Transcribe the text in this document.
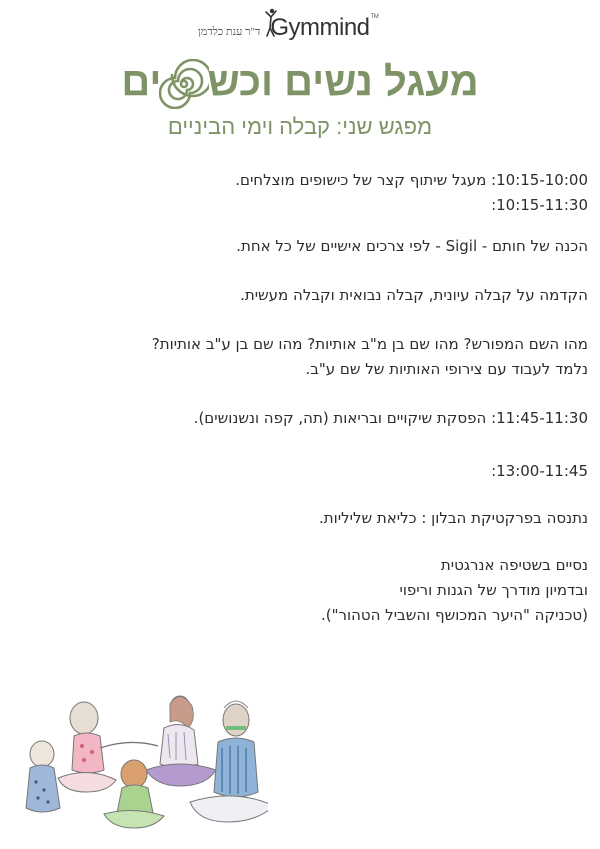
ד"ר ענת כלדמן Gymmind™
מעגל נשים וכשים
מפגש שני: קבלה וימי הביניים

10:15-10:00: מעגל שיתוף קצר של כישופים מוצלחים.

10:15-11:30:

הכנה של חותם - Sigil - לפי צרכים אישיים של כל אחת.

הקדמה על קבלה עיונית, קבלה נבואית וקבלה מעשית.

מהו השם המפורש? מהו שם בן מ"ב אותיות? מהו שם בן ע"ב אותיות?

נלמד לעבוד עם צירופי האותיות של שם ע"ב.

11:45-11:30: הפסקת שיקויים ובריאות (תה, קפה ונשנושים).

13:00-11:45:

נתנסה בפרקטיקת הבלון : כליאת שליליות.

נסיים בשטיפה אנרגטית

ובדמיון מודרך של הגנות וריפוי

(טכניקה "היער המכושף והשביל הטהור").
